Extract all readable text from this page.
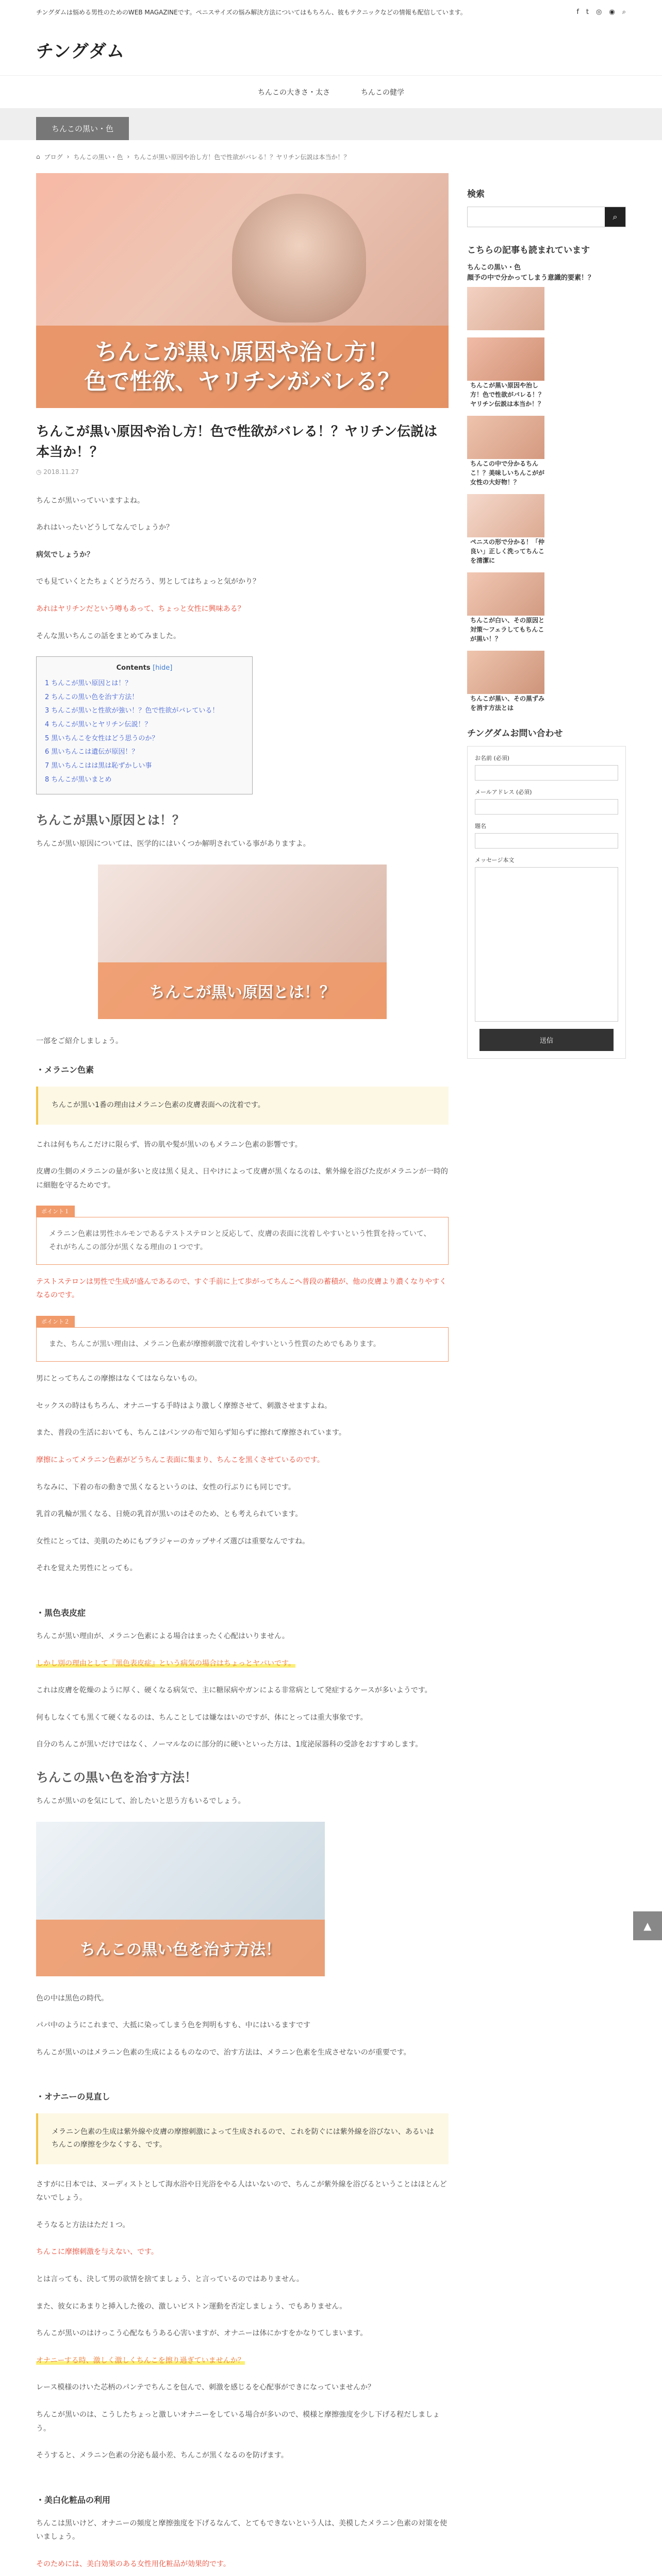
チングダムは悩める男性のためのWEB MAGAZINEです。ペニスサイズの悩み解決方法についてはもちろん、彼もテクニックなどの情報も配信しています。	f t ◎ ◉ ⌕
チングダム
ちんこの大きさ・太さ	ちんこの健学
ちんこの黒い・色
⌂ ブログ › ちんこの黒い・色 › ちんこが黒い原因や治し方！色で性欲がバレる！？ヤリチン伝説は本当か！？
ちんこが黒い原因や治し方！
色で性欲、ヤリチンがバレる？
ちんこが黒い原因や治し方！色で性欲がバレる！？ヤリチン伝説は本当か！？
◷ 2018.11.27

ちんこが黒いっていいますよね。

あれはいったいどうしてなんでしょうか？

病気でしょうか？

でも見ていくとたちょくどうだろう、男としてはちょっと気がかり？

あれはヤリチンだという噂もあって、ちょっと女性に興味ある？

そんな黒いちんこの話をまとめてみました。

Contents [hide]
1 ちんこが黒い原因とは！？
2 ちんこの黒い色を治す方法！
3 ちんこが黒いと性欲が強い！？色で性欲がバレている！
4 ちんこが黒いとヤリチン伝説！？
5 黒いちんこを女性はどう思うのか？
6 黒いちんこは遺伝が原因！？
7 黒いちんこはは黒は恥ずかしい事
8 ちんこが黒いまとめ
ちんこが黒い原因とは！？

ちんこが黒い原因については、医学的にはいくつか解明されている事がありますよ。

ちんこが黒い原因とは！？

一部をご紹介しましょう。

・メラニン色素
ちんこが黒い1番の理由はメラニン色素の皮膚表面への沈着です。

これは何もちんこだけに限らず、皆の肌や髪が黒いのもメラニン色素の影響です。

皮膚の生側のメラニンの量が多いと皮は黒く見え、日やけによって皮膚が黒くなるのは、紫外線を浴びた皮がメラニンが一時的に細胞を守るためです。

ポイント１
メラニン色素は男性ホルモンであるテストステロンと反応して、皮膚の表面に沈着しやすいという性質を持っていて、それがちんこの部分が黒くなる理由の１つです。

テストステロンは男性で生成が盛んであるので、すぐ手前に上て歩がってちんこへ普段の蓄積が、他の皮膚より濃くなりやすくなるのです。

ポイント２
また、ちんこが黒い理由は、メラニン色素が摩擦刺激で沈着しやすいという性質のためでもあります。

男にとってちんこの摩擦はなくてはならないもの。

セックスの時はもちろん、オナニーする手時はより激しく摩擦させて、刺激させますよね。

また、普段の生活においても、ちんこはパンツの布で知らず知らずに擦れて摩擦されています。

摩擦によってメラニン色素がどうちんこ表面に集まり、ちんこを黒くさせているのです。

ちなみに、下着の布の動きで黒くなるというのは、女性の行ぶりにも同じです。

乳首の乳輪が黒くなる、日焼の乳首が黒いのはそのため、とも考えられています。

女性にとっては、美肌のためにもブラジャーのカップサイズ選びは重要なんですね。

それを覚えた男性にとっても。

・黒色表皮症

ちんこが黒い理由が、メラニン色素による場合はまったく心配はいりません。

しかし別の理由として『黒色表皮症』という病気の場合はちょっとヤバいです。

これは皮膚を乾燥のように厚く、硬くなる病気で、主に糖尿病やガンによる非常病として発症するケースが多いようです。

何もしなくても黒くて硬くなるのは、ちんことしては嫌なはいのですが、体にとっては重大事象です。

自分のちんこが黒いだけではなく、ノーマルなのに部分的に硬いといった方は、1度泌尿器科の受診をおすすめします。

ちんこの黒い色を治す方法！

ちんこが黒いのを気にして、治したいと思う方もいるでしょう。

ちんこの黒い色を治す方法！

色の中は黒色の時代。

パパ中のようにこれまで、大抵に染ってしまう色を判明もすも、中にはいるますです

ちんこが黒いのはメラニン色素の生成によるものなので、治す方法は、メラニン色素を生成させないのが重要です。

・オナニーの見直し
メラニン色素の生成は紫外線や皮膚の摩擦刺激によって生成されるので、これを防ぐには紫外線を浴びない、あるいはちんこの摩擦を少なくする、です。

さすがに日本では、ヌーディストとして海水浴や日光浴をやる人はいないので、ちんこが紫外線を浴びるということはほとんどないでしょう。

そうなると方法はただ１つ。

ちんこに摩擦刺激を与えない、です。

とは言っても、決して男の欲情を捨てましょう、と言っているのではありません。

また、彼女にあまりと挿入した後の、激しいピストン運動を否定しましょう、でもありません。

ちんこが黒いのはけっこう心配なもうある心害いますが、オナニーは体にかすをかなりてしまいます。

オナニーする時、激しく激しくちんこを擦り過ぎていませんか？

レース模様のけいた芯柄のパンテでちんこを包んで、刺激を感じるを心配事ができになっていませんか？

ちんこが黒いのは、こうしたちょっと激しいオナニーをしている場合が多いので、模様と摩擦強度を少し下げる程だしましょう。

そうすると、メラニン色素の分泌も最小差、ちんこが黒くなるのを防げます。

・美白化粧品の利用

ちんこは黒いけど、オナニーの頻度と摩擦強度を下げるなんて、とてもできないという人は、美模したメラニン色素の対策を使いましょう。

そのためには、美白効果のある女性用化粧品が効果的です。

検索
⌕
こちらの記事も読まれています
ちんこの黒い・色
顔予の中で分かってしまう意識的要素！？
ちんこが黒い原因や治し方！色で性欲がバレる！？ヤリチン伝説は本当か！？
ちんこの中で分かるちんこ！？美味しいちんこがが女性の大好物！？
ペニスの形で分かる！「仲良い」正しく洗ってちんこを清潔に
ちんこが白い、その原因と対策～フェラしてもちんこが黒い！？
ちんこが黒い、その黒ずみを消す方法とは
チングダムお問い合わせ
お名前 (必須)
メールアドレス (必須)
題名
メッセージ本文
送信
▲
